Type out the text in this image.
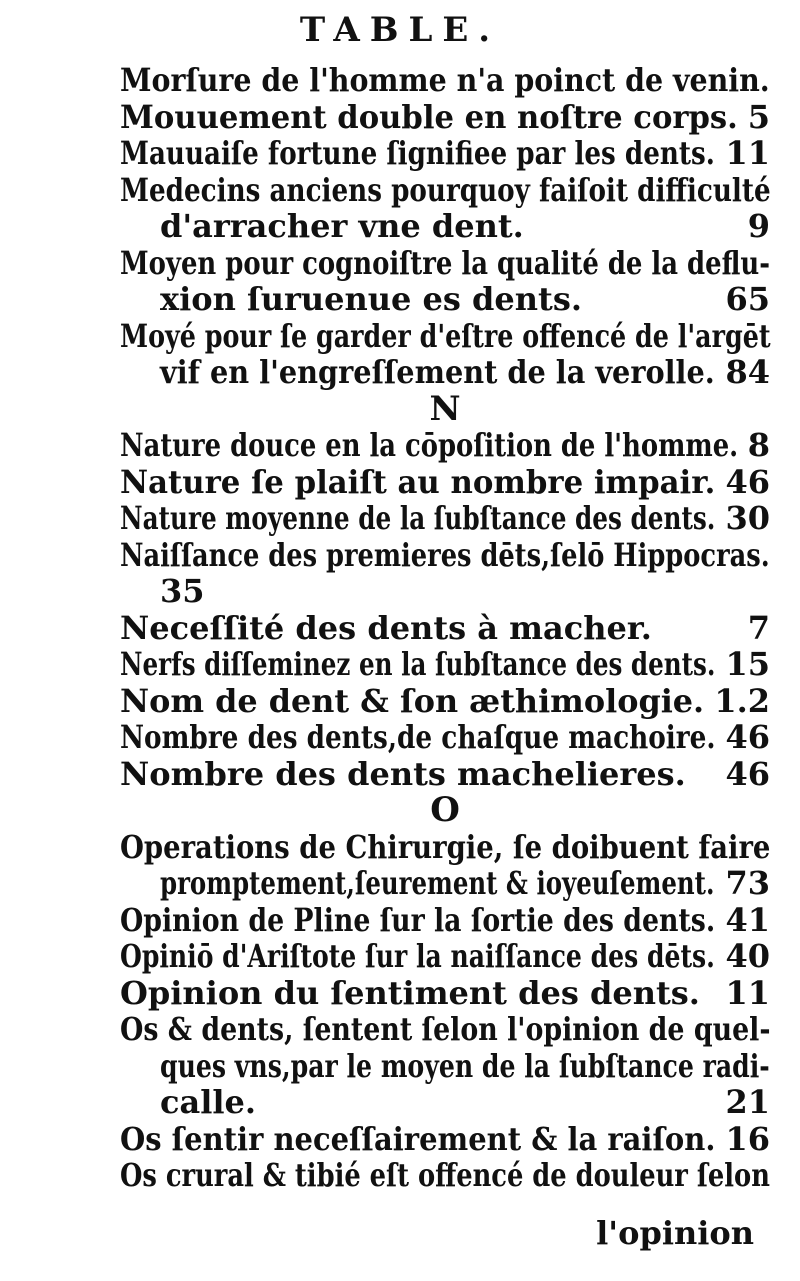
TABLE.
Morſure de l'homme n'a poinct de venin.
Mouuement double en noſtre corps. 5
Mauuaiſe fortune ſignifiee par les dents. 11
Medecins anciens pourquoy faiſoit difficulté
d'arracher vne dent.	9
Moyen pour cognoiſtre la qualité de la deflu-
xion ſuruenue es dents.	65
Moyé pour ſe garder d'eſtre offencé de l'argēt
vif en l'engreſſement de la verolle. 84
N
Nature douce en la cōpoſition de l'homme. 8
Nature ſe plaiſt au nombre impair. 46
Nature moyenne de la ſubſtance des dents. 30
Naiſſance des premieres dēts,ſelō Hippocras.
35
Neceſſité des dents à macher.	7
Nerfs diſſeminez en la ſubſtance des dents. 15
Nom de dent & ſon æthimologie. 1.2
Nombre des dents,de chaſque machoire. 46
Nombre des dents machelieres. 46
O
Operations de Chirurgie, ſe doibuent faire
promptement,ſeurement & ioyeuſement. 73
Opinion de Pline ſur la ſortie des dents. 41
Opiniō d'Ariſtote ſur la naiſſance des dēts. 40
Opinion du ſentiment des dents. 11
Os & dents, ſentent ſelon l'opinion de quel-
ques vns,par le moyen de la ſubſtance radi-
calle.	21
Os ſentir neceſſairement & la raiſon. 16
Os crural & tibié eſt offencé de douleur ſelon
l'opinion
